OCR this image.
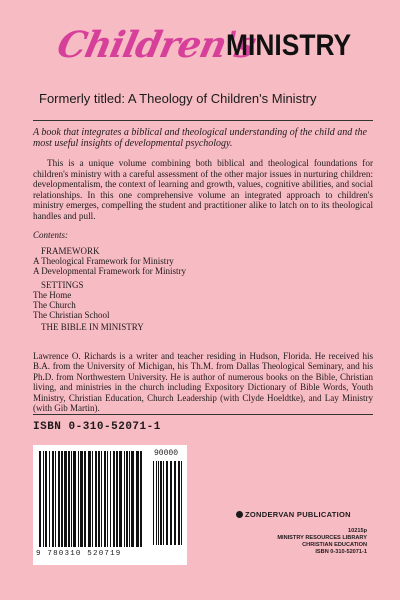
Children's
MINISTRY
Formerly titled: A Theology of Children's Ministry
A book that integrates a biblical and theological understanding of the child and the most useful insights of developmental psychology.
This is a unique volume combining both biblical and theological foundations for children's ministry with a careful assessment of the other major issues in nurturing children: developmentalism, the context of learning and growth, values, cognitive abilities, and social relationships. In this one comprehensive volume an integrated approach to children's ministry emerges, compelling the student and practitioner alike to latch on to its theological handles and pull.
Contents:
FRAMEWORK
A Theological Framework for Ministry
A Developmental Framework for Ministry
SETTINGS
The Home
The Church
The Christian School
THE BIBLE IN MINISTRY
Lawrence O. Richards is a writer and teacher residing in Hudson, Florida. He received his B.A. from the University of Michigan, his Th.M. from Dallas Theological Seminary, and his Ph.D. from Northwestern University. He is author of numerous books on the Bible, Christian living, and ministries in the church including Expository Dictionary of Bible Words, Youth Ministry, Christian Education, Church Leadership (with Clyde Hoeldtke), and Lay Ministry (with Gib Martin).
ISBN 0-310-52071-1
9 780310 520719
90000
ZONDERVAN PUBLICATION
10215p
MINISTRY RESOURCES LIBRARY
CHRISTIAN EDUCATION
ISBN 0-310-52071-1
